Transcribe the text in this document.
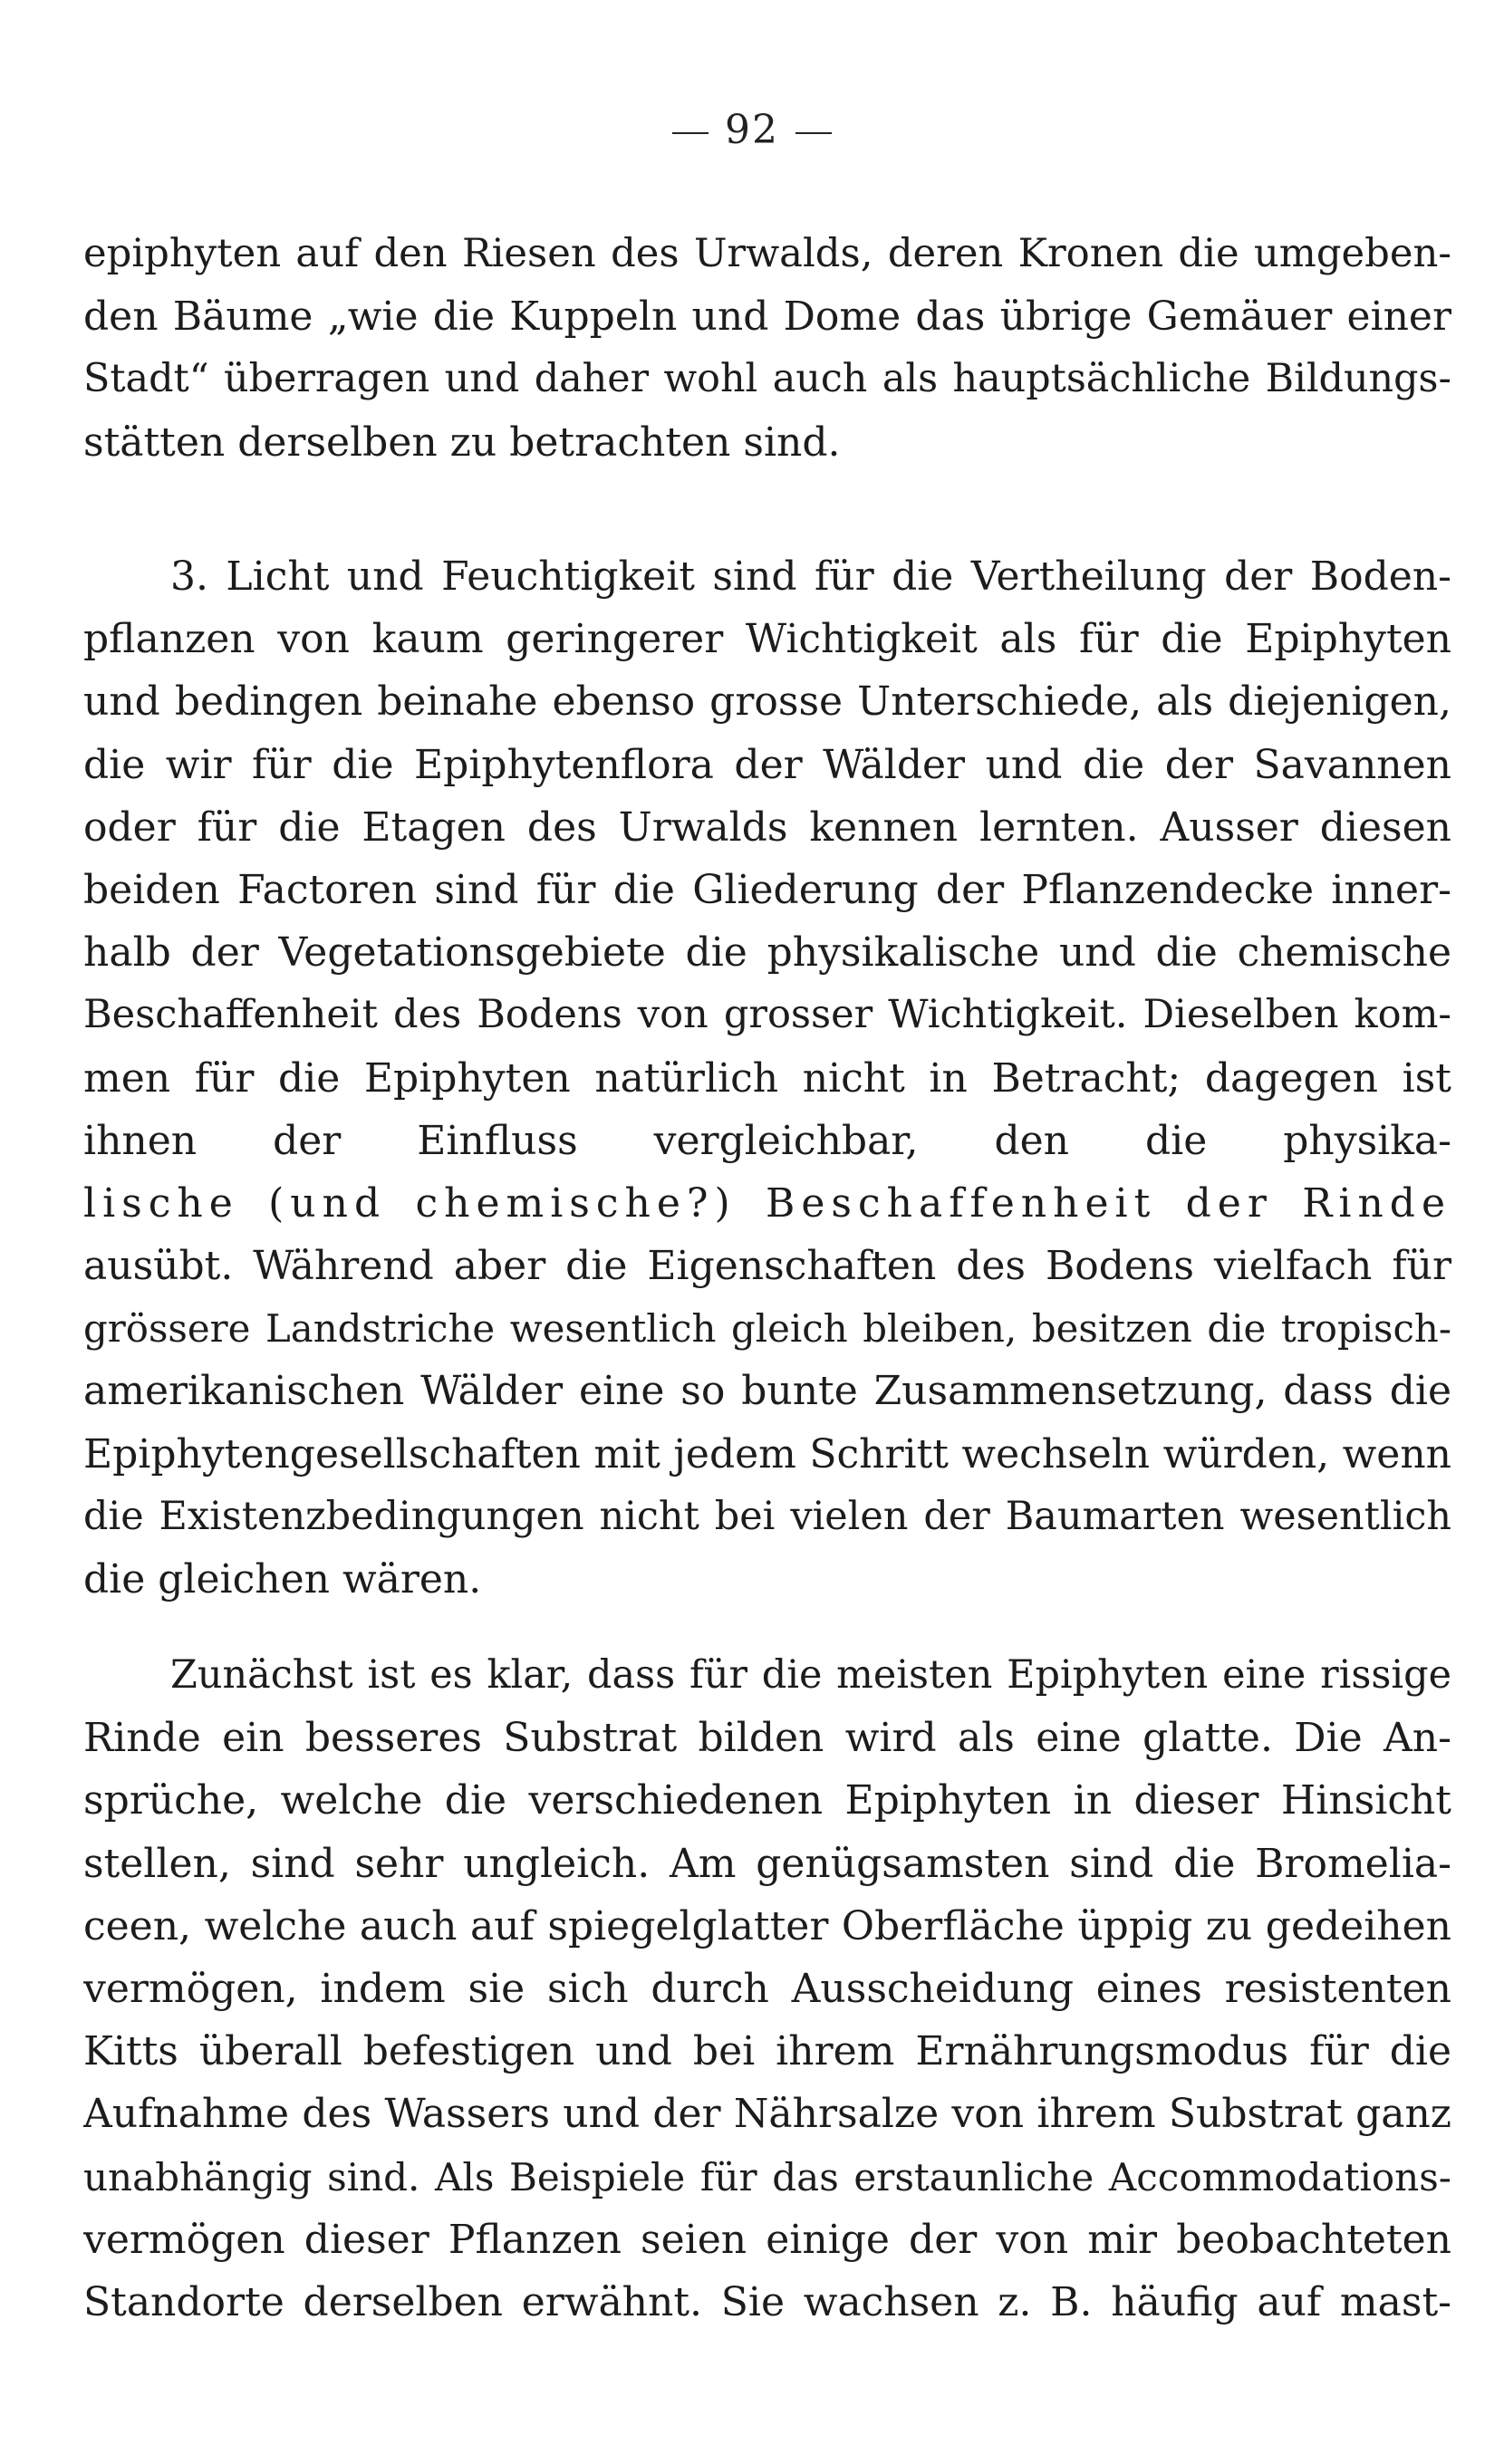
92
epiphyten auf den Riesen des Urwalds, deren Kronen die umgeben-
den Bäume „wie die Kuppeln und Dome das übrige Gemäuer einer
Stadt“ überragen und daher wohl auch als hauptsächliche Bildungs-
stätten derselben zu betrachten sind.
3. Licht und Feuchtigkeit sind für die Vertheilung der Boden-
pflanzen von kaum geringerer Wichtigkeit als für die Epiphyten
und bedingen beinahe ebenso grosse Unterschiede, als diejenigen,
die wir für die Epiphytenflora der Wälder und die der Savannen
oder für die Etagen des Urwalds kennen lernten. Ausser diesen
beiden Factoren sind für die Gliederung der Pflanzendecke inner-
halb der Vegetationsgebiete die physikalische und die chemische
Beschaffenheit des Bodens von grosser Wichtigkeit. Dieselben kom-
men für die Epiphyten natürlich nicht in Betracht; dagegen ist
ihnen der Einfluss vergleichbar, den die physika-
lische (und chemische?) Beschaffenheit der Rinde
ausübt. Während aber die Eigenschaften des Bodens vielfach für
grössere Landstriche wesentlich gleich bleiben, besitzen die tropisch-
amerikanischen Wälder eine so bunte Zusammensetzung, dass die
Epiphytengesellschaften mit jedem Schritt wechseln würden, wenn
die Existenzbedingungen nicht bei vielen der Baumarten wesentlich
die gleichen wären.
Zunächst ist es klar, dass für die meisten Epiphyten eine rissige
Rinde ein besseres Substrat bilden wird als eine glatte. Die An-
sprüche, welche die verschiedenen Epiphyten in dieser Hinsicht
stellen, sind sehr ungleich. Am genügsamsten sind die Bromelia-
ceen, welche auch auf spiegelglatter Oberfläche üppig zu gedeihen
vermögen, indem sie sich durch Ausscheidung eines resistenten
Kitts überall befestigen und bei ihrem Ernährungsmodus für die
Aufnahme des Wassers und der Nährsalze von ihrem Substrat ganz
unabhängig sind. Als Beispiele für das erstaunliche Accommodations-
vermögen dieser Pflanzen seien einige der von mir beobachteten
Standorte derselben erwähnt. Sie wachsen z. B. häufig auf mast-
